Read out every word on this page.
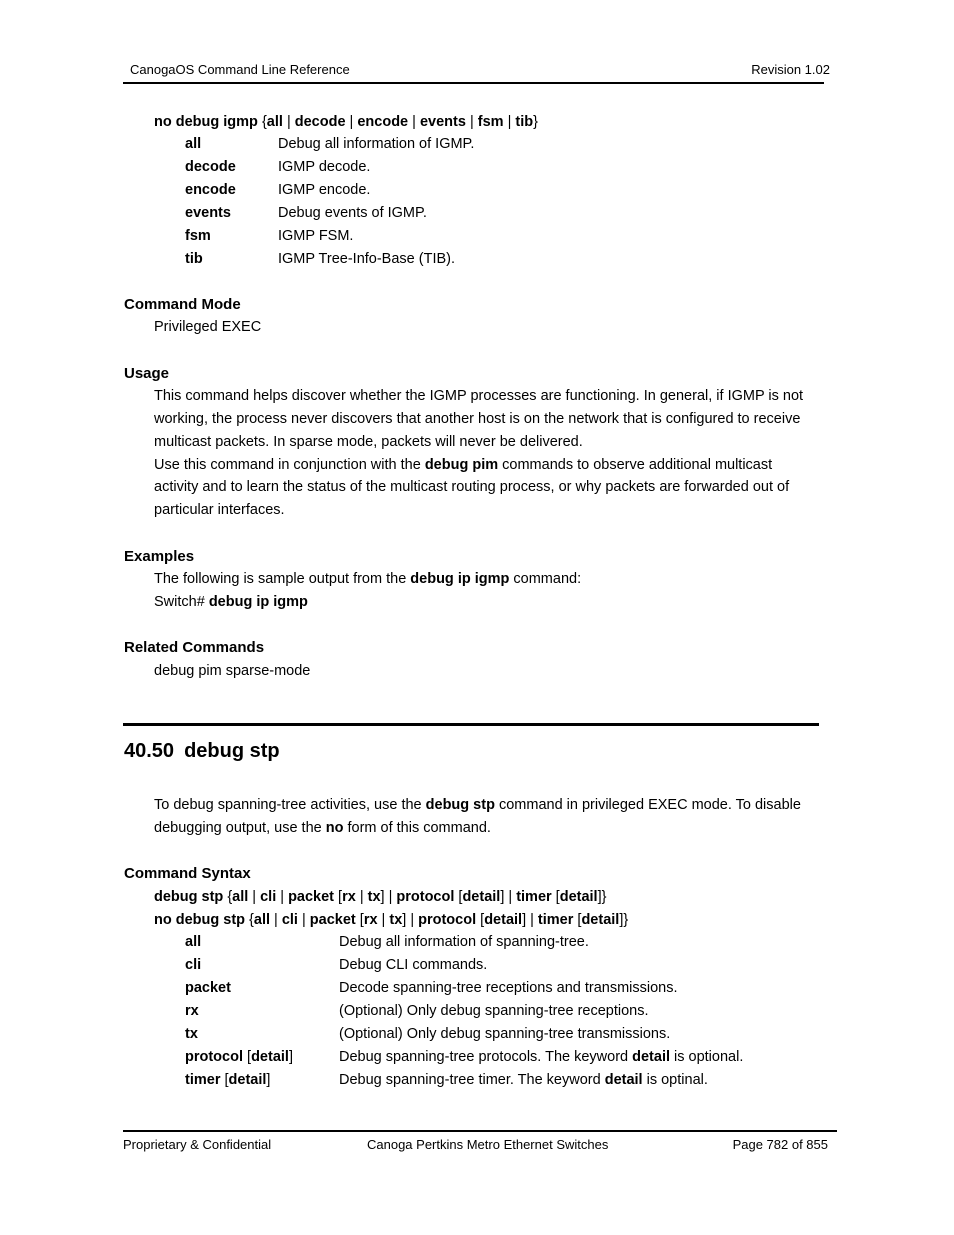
CanogaOS Command Line Reference	Revision 1.02
no debug igmp {all | decode | encode | events | fsm | tib}
all	Debug all information of IGMP.
decode	IGMP decode.
encode	IGMP encode.
events	Debug events of IGMP.
fsm	IGMP FSM.
tib	IGMP Tree-Info-Base (TIB).
Command Mode
Privileged EXEC
Usage
This command helps discover whether the IGMP processes are functioning. In general, if IGMP is not
working, the process never discovers that another host is on the network that is configured to receive
multicast packets. In sparse mode, packets will never be delivered.
Use this command in conjunction with the debug pim commands to observe additional multicast
activity and to learn the status of the multicast routing process, or why packets are forwarded out of
particular interfaces.
Examples
The following is sample output from the debug ip igmp command:
Switch# debug ip igmp
Related Commands
debug pim sparse-mode
40.50 debug stp
To debug spanning-tree activities, use the debug stp command in privileged EXEC mode. To disable
debugging output, use the no form of this command.
Command Syntax
debug stp {all | cli | packet [rx | tx] | protocol [detail] | timer [detail]}
no debug stp {all | cli | packet [rx | tx] | protocol [detail] | timer [detail]}
all	Debug all information of spanning-tree.
cli	Debug CLI commands.
packet	Decode spanning-tree receptions and transmissions.
rx	(Optional) Only debug spanning-tree receptions.
tx	(Optional) Only debug spanning-tree transmissions.
protocol [detail]	Debug spanning-tree protocols. The keyword detail is optional.
timer [detail]	Debug spanning-tree timer. The keyword detail is optinal.
Proprietary & Confidential	Canoga Pertkins Metro Ethernet Switches	Page 782 of 855
